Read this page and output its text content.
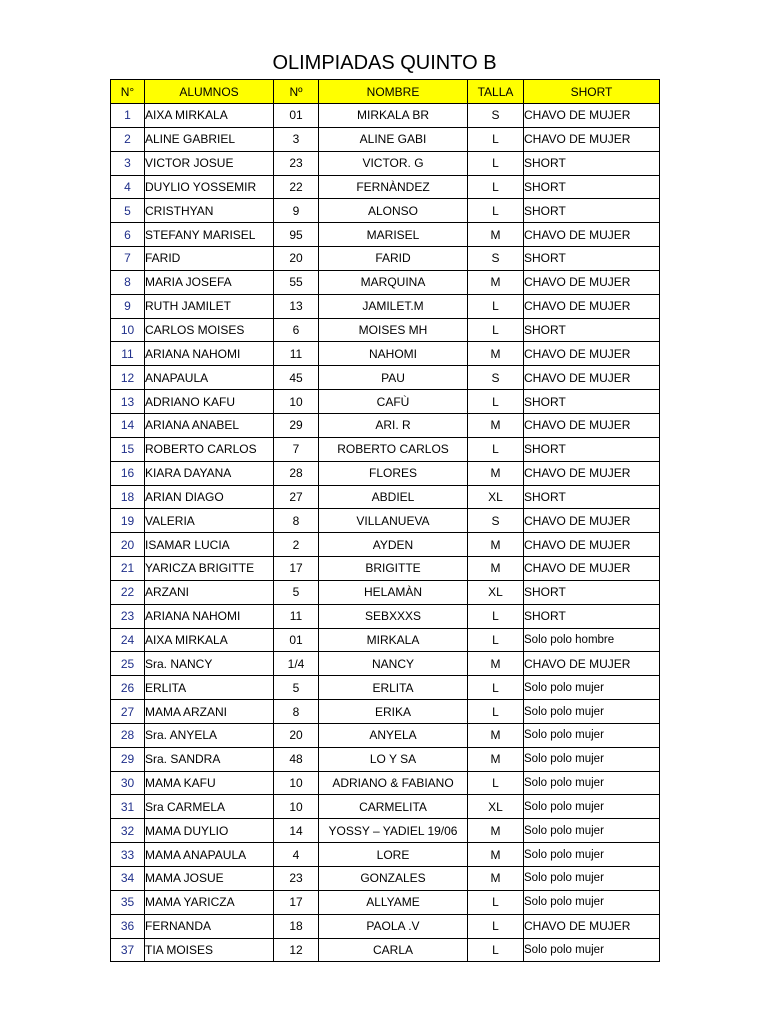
OLIMPIADAS QUINTO B
N°	ALUMNOS	Nº	NOMBRE	TALLA	SHORT
1	AIXA MIRKALA	01	MIRKALA BR	S	CHAVO DE MUJER
2	ALINE GABRIEL	3	ALINE GABI	L	CHAVO DE MUJER
3	VICTOR JOSUE	23	VICTOR. G	L	SHORT
4	DUYLIO YOSSEMIR	22	FERNÀNDEZ	L	SHORT
5	CRISTHYAN	9	ALONSO	L	SHORT
6	STEFANY MARISEL	95	MARISEL	M	CHAVO DE MUJER
7	FARID	20	FARID	S	SHORT
8	MARIA JOSEFA	55	MARQUINA	M	CHAVO DE MUJER
9	RUTH JAMILET	13	JAMILET.M	L	CHAVO DE MUJER
10	CARLOS MOISES	6	MOISES MH	L	SHORT
11	ARIANA NAHOMI	11	NAHOMI	M	CHAVO DE MUJER
12	ANAPAULA	45	PAU	S	CHAVO DE MUJER
13	ADRIANO KAFU	10	CAFÙ	L	SHORT
14	ARIANA ANABEL	29	ARI. R	M	CHAVO DE MUJER
15	ROBERTO CARLOS	7	ROBERTO CARLOS	L	SHORT
16	KIARA DAYANA	28	FLORES	M	CHAVO DE MUJER
18	ARIAN DIAGO	27	ABDIEL	XL	SHORT
19	VALERIA	8	VILLANUEVA	S	CHAVO DE MUJER
20	ISAMAR LUCIA	2	AYDEN	M	CHAVO DE MUJER
21	YARICZA BRIGITTE	17	BRIGITTE	M	CHAVO DE MUJER
22	ARZANI	5	HELAMÀN	XL	SHORT
23	ARIANA NAHOMI	11	SEBXXXS	L	SHORT
24	AIXA MIRKALA	01	MIRKALA	L	Solo polo hombre
25	Sra. NANCY	1/4	NANCY	M	CHAVO DE MUJER
26	ERLITA	5	ERLITA	L	Solo polo mujer
27	MAMA ARZANI	8	ERIKA	L	Solo polo mujer
28	Sra. ANYELA	20	ANYELA	M	Solo polo mujer
29	Sra. SANDRA	48	LO Y SA	M	Solo polo mujer
30	MAMA KAFU	10	ADRIANO & FABIANO	L	Solo polo mujer
31	Sra CARMELA	10	CARMELITA	XL	Solo polo mujer
32	MAMA DUYLIO	14	YOSSY – YADIEL 19/06	M	Solo polo mujer
33	MAMA ANAPAULA	4	LORE	M	Solo polo mujer
34	MAMA JOSUE	23	GONZALES	M	Solo polo mujer
35	MAMA YARICZA	17	ALLYAME	L	Solo polo mujer
36	FERNANDA	18	PAOLA .V	L	CHAVO DE MUJER
37	TIA MOISES	12	CARLA	L	Solo polo mujer
